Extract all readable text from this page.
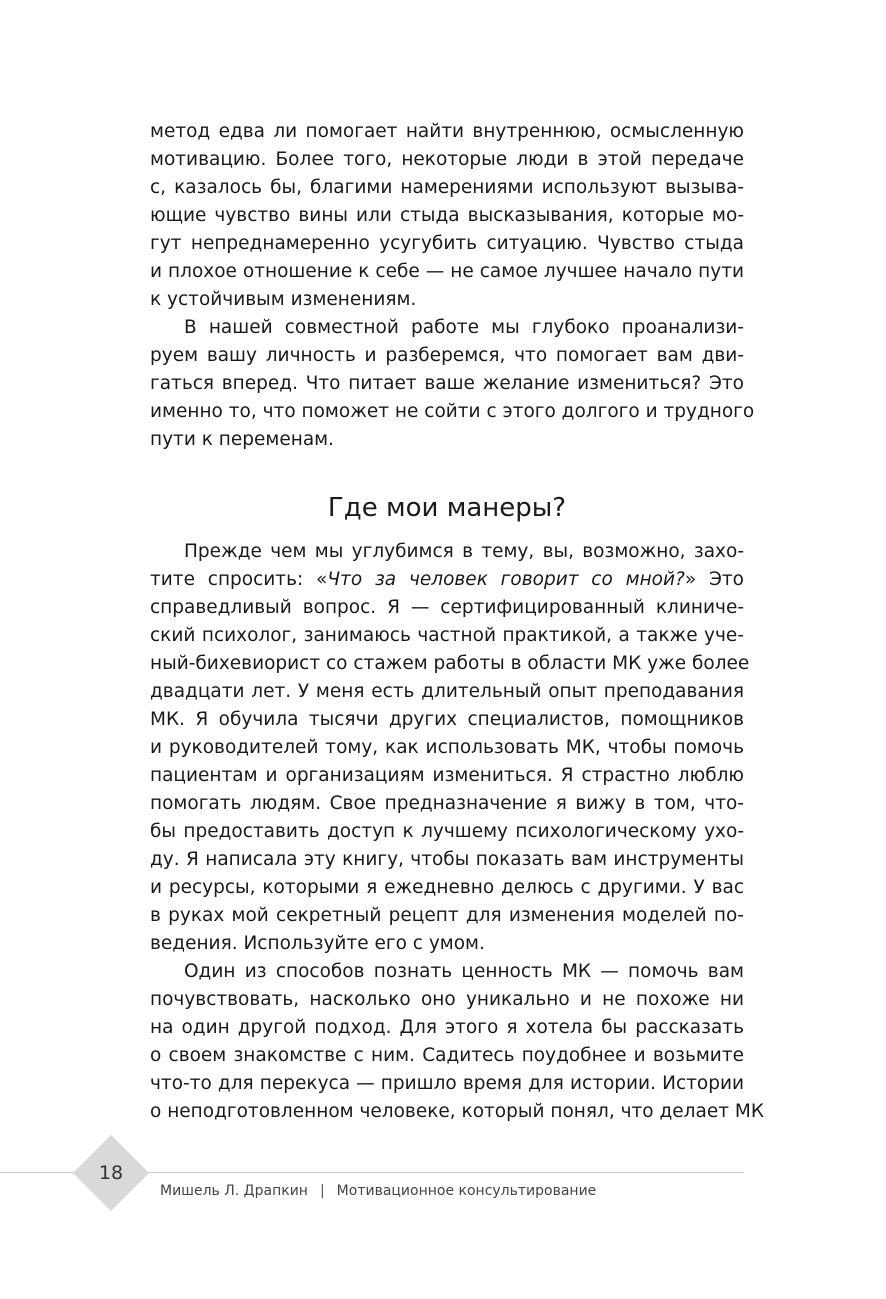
метод едва ли помогает найти внутреннюю, осмысленную
мотивацию. Более того, некоторые люди в этой передаче
с, казалось бы, благими намерениями используют вызыва-
ющие чувство вины или стыда высказывания, которые мо-
гут непреднамеренно усугубить ситуацию. Чувство стыда
и плохое отношение к себе — не самое лучшее начало пути
к устойчивым изменениям.
В нашей совместной работе мы глубоко проанализи-
руем вашу личность и разберемся, что помогает вам дви-
гаться вперед. Что питает ваше желание измениться? Это
именно то, что поможет не сойти с этого долгого и трудного
пути к переменам.
Где мои манеры?
Прежде чем мы углубимся в тему, вы, возможно, захо-
тите спросить: «Что за человек говорит со мной?» Это
справедливый вопрос. Я — сертифицированный клиниче-
ский психолог, занимаюсь частной практикой, а также уче-
ный-бихевиорист со стажем работы в области МК уже более
двадцати лет. У меня есть длительный опыт преподавания
МК. Я обучила тысячи других специалистов, помощников
и руководителей тому, как использовать МК, чтобы помочь
пациентам и организациям измениться. Я страстно люблю
помогать людям. Свое предназначение я вижу в том, что-
бы предоставить доступ к лучшему психологическому ухо-
ду. Я написала эту книгу, чтобы показать вам инструменты
и ресурсы, которыми я ежедневно делюсь с другими. У вас
в руках мой секретный рецепт для изменения моделей по-
ведения. Используйте его с умом.
Один из способов познать ценность МК — помочь вам
почувствовать, насколько оно уникально и не похоже ни
на один другой подход. Для этого я хотела бы рассказать
о своем знакомстве с ним. Садитесь поудобнее и возьмите
что-то для перекуса — пришло время для истории. Истории
о неподготовленном человеке, который понял, что делает МК
18
Мишель Л. Драпкин | Мотивационное консультирование
